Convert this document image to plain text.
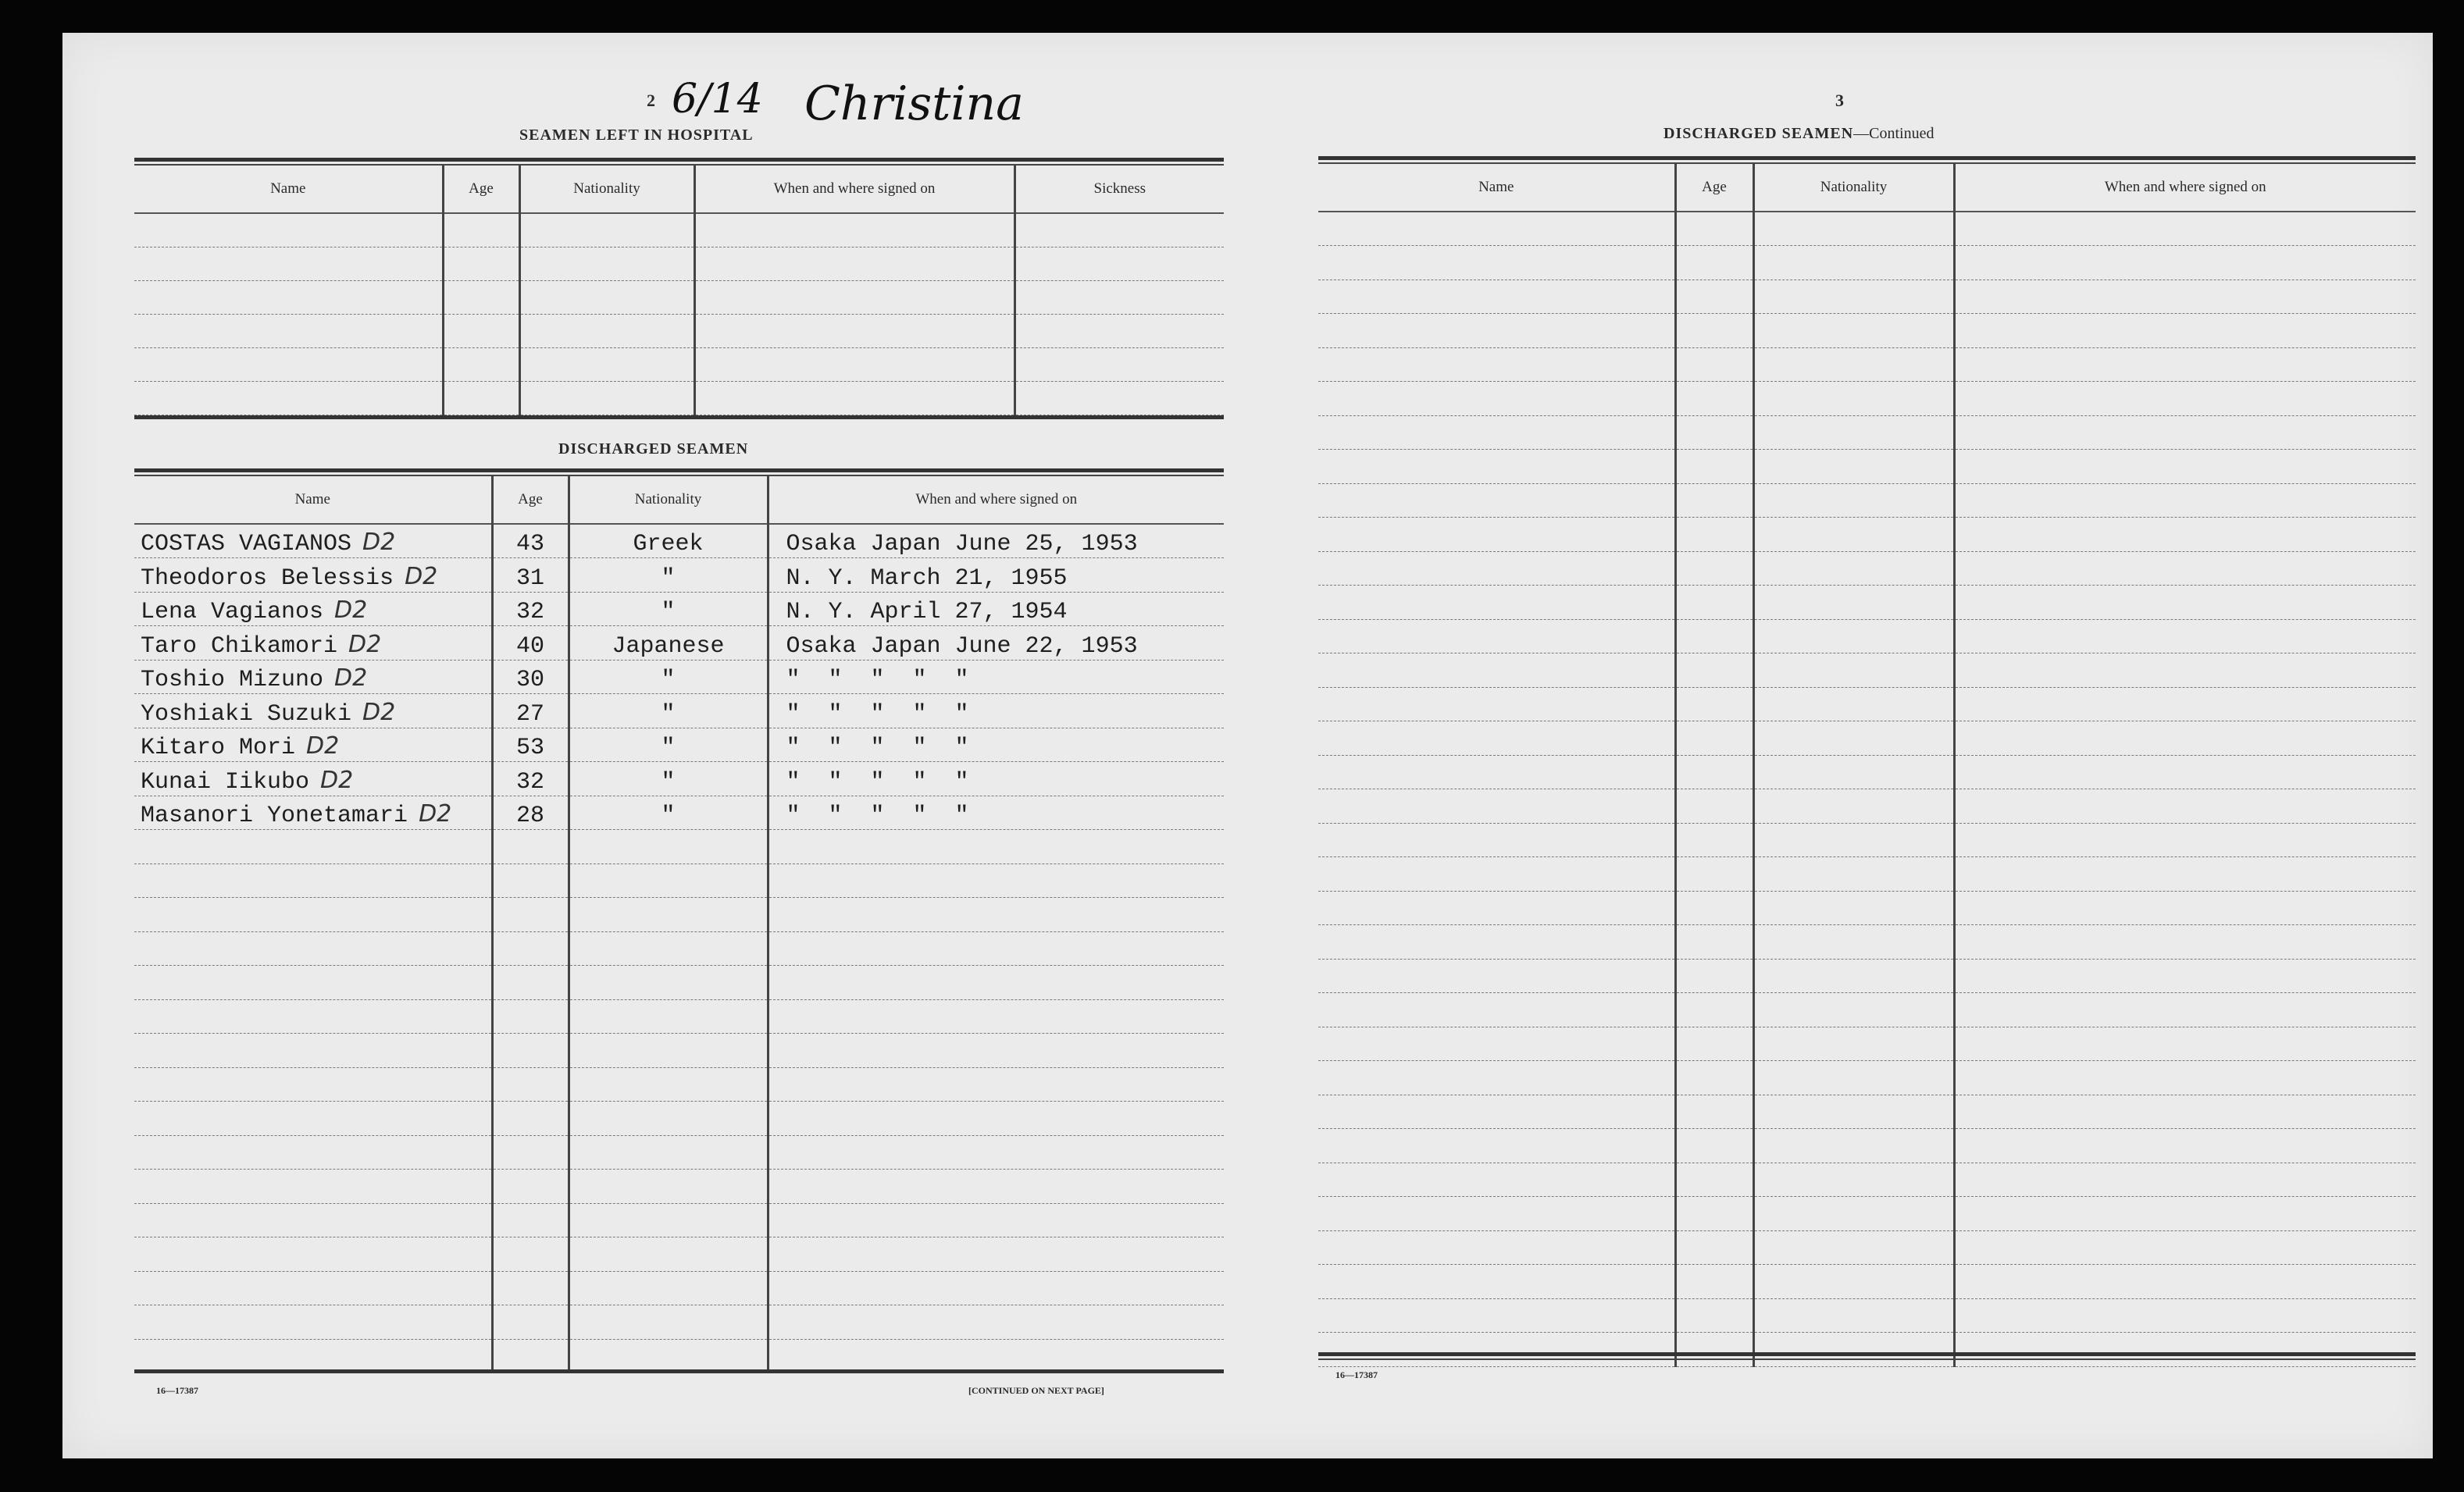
2 6/14 Christina
SEAMEN LEFT IN HOSPITAL
Name	Age	Nationality	When and where signed on	Sickness

DISCHARGED SEAMEN
Name	Age	Nationality	When and where signed on
COSTAS VAGIANOS D2	43	Greek	Osaka Japan June 25, 1953
Theodoros Belessis D2	31	"	N. Y. March 21, 1955
Lena Vagianos D2	32	"	N. Y. April 27, 1954
Taro Chikamori D2	40	Japanese	Osaka Japan June 22, 1953
Toshio Mizuno D2	30	"	"  "  "  "  "
Yoshiaki Suzuki D2	27	"	"  "  "  "  "
Kitaro Mori D2	53	"	"  "  "  "  "
Kunai Iikubo D2	32	"	"  "  "  "  "
Masanori Yonetamari D2	28	"	"  "  "  "  "

16—17387	[CONTINUED ON NEXT PAGE]
3
DISCHARGED SEAMEN—Continued
Name	Age	Nationality	When and where signed on

16—17387
